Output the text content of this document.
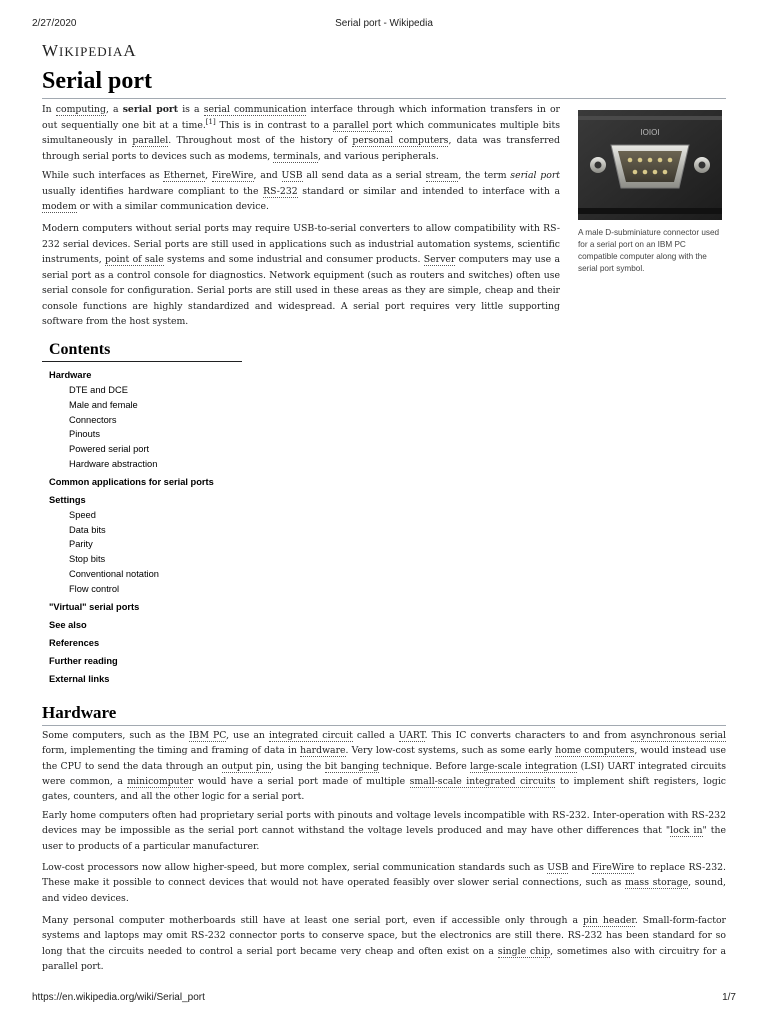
2/27/2020	Serial port - Wikipedia
WIKIPEDIAA
Serial port

In computing, a serial port is a serial communication interface through which information transfers in or out sequentially one bit at a time.[1] This is in contrast to a parallel port which communicates multiple bits simultaneously in parallel. Throughout most of the history of personal computers, data was transferred through serial ports to devices such as modems, terminals, and various peripherals.

While such interfaces as Ethernet, FireWire, and USB all send data as a serial stream, the term serial port usually identifies hardware compliant to the RS-232 standard or similar and intended to interface with a modem or with a similar communication device.

Modern computers without serial ports may require USB-to-serial converters to allow compatibility with RS-232 serial devices. Serial ports are still used in applications such as industrial automation systems, scientific instruments, point of sale systems and some industrial and consumer products. Server computers may use a serial port as a control console for diagnostics. Network equipment (such as routers and switches) often use serial console for configuration. Serial ports are still used in these areas as they are simple, cheap and their console functions are highly standardized and widespread. A serial port requires very little supporting software from the host system.

IOIOI
A male D-subminiature connector used for a serial port on an IBM PC compatible computer along with the serial port symbol.
Contents
Hardware
DTE and DCE
Male and female
Connectors
Pinouts
Powered serial port
Hardware abstraction
Common applications for serial ports
Settings
Speed
Data bits
Parity
Stop bits
Conventional notation
Flow control
"Virtual" serial ports
See also
References
Further reading
External links
Hardware

Some computers, such as the IBM PC, use an integrated circuit called a UART. This IC converts characters to and from asynchronous serial form, implementing the timing and framing of data in hardware. Very low-cost systems, such as some early home computers, would instead use the CPU to send the data through an output pin, using the bit banging technique. Before large-scale integration (LSI) UART integrated circuits were common, a minicomputer would have a serial port made of multiple small-scale integrated circuits to implement shift registers, logic gates, counters, and all the other logic for a serial port.

Early home computers often had proprietary serial ports with pinouts and voltage levels incompatible with RS-232. Inter-operation with RS-232 devices may be impossible as the serial port cannot withstand the voltage levels produced and may have other differences that "lock in" the user to products of a particular manufacturer.

Low-cost processors now allow higher-speed, but more complex, serial communication standards such as USB and FireWire to replace RS-232. These make it possible to connect devices that would not have operated feasibly over slower serial connections, such as mass storage, sound, and video devices.

Many personal computer motherboards still have at least one serial port, even if accessible only through a pin header. Small-form-factor systems and laptops may omit RS-232 connector ports to conserve space, but the electronics are still there. RS-232 has been standard for so long that the circuits needed to control a serial port became very cheap and often exist on a single chip, sometimes also with circuitry for a parallel port.

https://en.wikipedia.org/wiki/Serial_port	1/7
